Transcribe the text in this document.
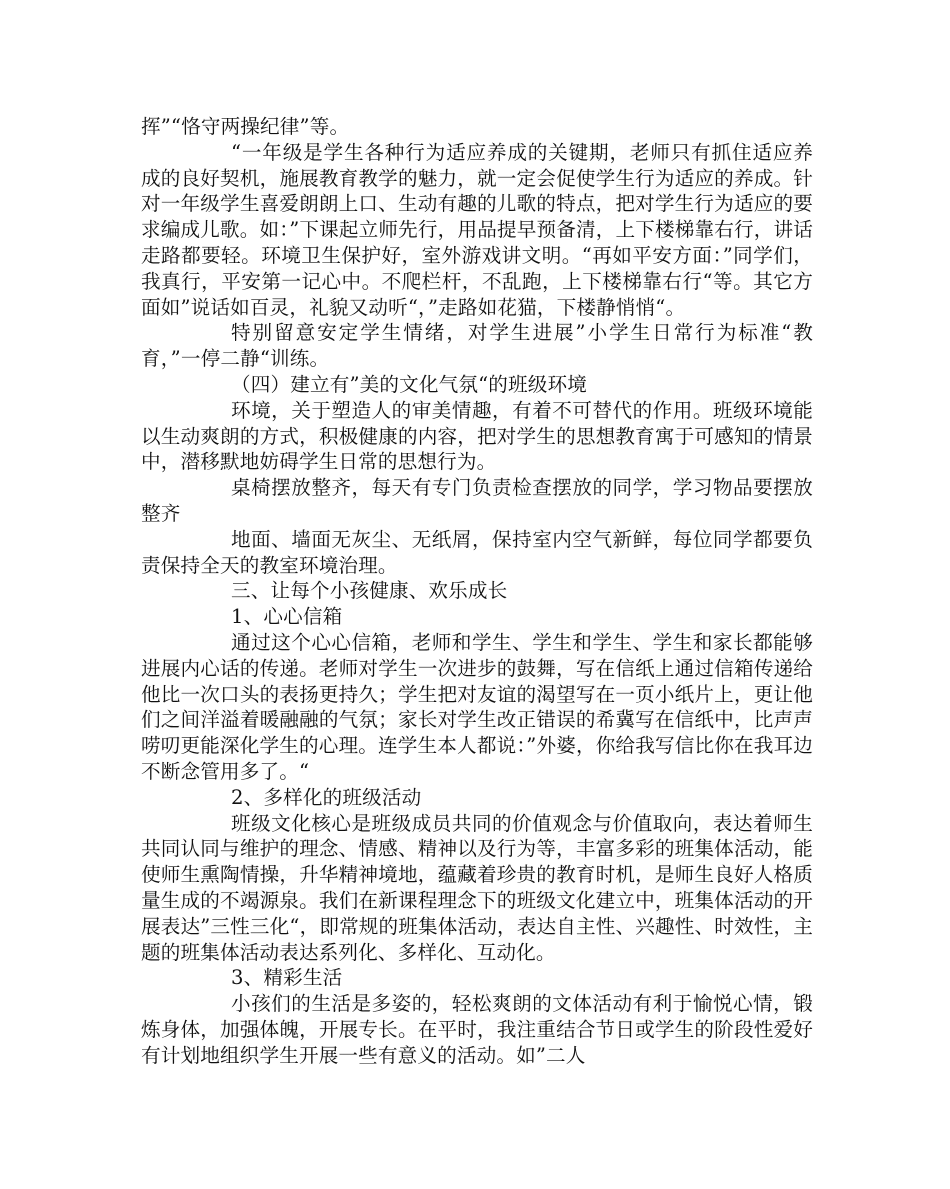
挥”“恪守两操纪律”等。

“一年级是学生各种行为适应养成的关键期，老师只有抓住适应养成的良好契机，施展教育教学的魅力，就一定会促使学生行为适应的养成。针对一年级学生喜爱朗朗上口、生动有趣的儿歌的特点，把对学生行为适应的要求编成儿歌。如：”下课起立师先行，用品提早预备清，上下楼梯靠右行，讲话走路都要轻。环境卫生保护好，室外游戏讲文明。“再如平安方面：”同学们，我真行，平安第一记心中。不爬栏杆，不乱跑，上下楼梯靠右行“等。其它方面如”说话如百灵，礼貌又动听“，”走路如花猫，下楼静悄悄“。

特别留意安定学生情绪，对学生进展”小学生日常行为标准“教育，”一停二静“训练。

（四）建立有”美的文化气氛“的班级环境

环境，关于塑造人的审美情趣，有着不可替代的作用。班级环境能以生动爽朗的方式，积极健康的内容，把对学生的思想教育寓于可感知的情景中，潜移默地妨碍学生日常的思想行为。

桌椅摆放整齐，每天有专门负责检查摆放的同学，学习物品要摆放整齐

地面、墙面无灰尘、无纸屑，保持室内空气新鲜，每位同学都要负责保持全天的教室环境治理。

三、让每个小孩健康、欢乐成长

1、心心信箱

通过这个心心信箱，老师和学生、学生和学生、学生和家长都能够进展内心话的传递。老师对学生一次进步的鼓舞，写在信纸上通过信箱传递给他比一次口头的表扬更持久；学生把对友谊的渴望写在一页小纸片上，更让他们之间洋溢着暖融融的气氛；家长对学生改正错误的希冀写在信纸中，比声声唠叨更能深化学生的心理。连学生本人都说：”外婆，你给我写信比你在我耳边不断念管用多了。“

2、多样化的班级活动

班级文化核心是班级成员共同的价值观念与价值取向，表达着师生共同认同与维护的理念、情感、精神以及行为等，丰富多彩的班集体活动，能使师生熏陶情操，升华精神境地，蕴藏着珍贵的教育时机，是师生良好人格质量生成的不竭源泉。我们在新课程理念下的班级文化建立中，班集体活动的开展表达”三性三化“，即常规的班集体活动，表达自主性、兴趣性、时效性，主题的班集体活动表达系列化、多样化、互动化。

3、精彩生活

小孩们的生活是多姿的，轻松爽朗的文体活动有利于愉悦心情，锻炼身体，加强体魄，开展专长。在平时，我注重结合节日或学生的阶段性爱好有计划地组织学生开展一些有意义的活动。如”二人
